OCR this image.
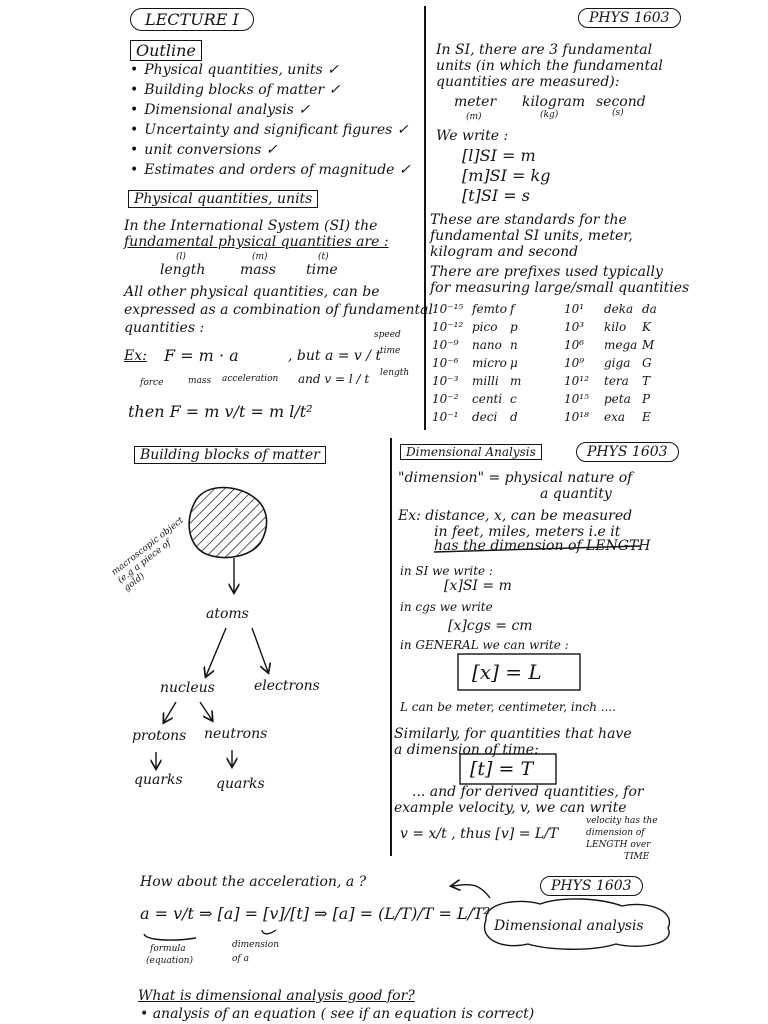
LECTURE I
Outline
• Physical quantities, units ✓
• Building blocks of matter ✓
• Dimensional analysis ✓
• Uncertainty and significant figures ✓
• unit conversions ✓
• Estimates and orders of magnitude ✓
Physical quantities, units
In the International System (SI) the
fundamental physical quantities are :
(l)	(m)	(t)
length mass time
All other physical quantities, can be
expressed as a combination of fundamental
quantities :
Ex: F = m · a	, but a = v / t
speed
time
length
force	mass acceleration and v = l / t
then F = m v/t = m l/t²
PHYS 1603
In SI, there are 3 fundamental
units (in which the fundamental
quantities are measured):
meter kilogram second
(m)	(kg)	(s)
We write :
[l]SI = m
[m]SI = kg
[t]SI = s
These are standards for the
fundamental SI units, meter,
kilogram and second
There are prefixes used typically
for measuring large/small quantities
10⁻¹⁵ femto f
10⁻¹² pico	p
10⁻⁹	nano n
10⁻⁶	micro μ
10⁻³	milli m
10⁻²	centi c
10⁻¹	deci	d
10¹	deka da
10³	kilo	K
10⁶	mega M
10⁹	giga G
10¹²	tera	T
10¹⁵	peta P
10¹⁸	exa	E
Building blocks of matter
macroscopic object (e.g a piece of gold)
atoms
nucleus	electrons
protons neutrons
quarks quarks
Dimensional Analysis	PHYS 1603
"dimension" = physical nature of
a quantity
Ex: distance, x, can be measured
in feet, miles, meters i.e it
has the dimension of LENGTH
in SI we write :
[x]SI = m
in cgs we write
[x]cgs = cm
in GENERAL we can write :
[x] = L
L can be meter, centimeter, inch ....
Similarly, for quantities that have
a dimension of time:
[t] = T
... and for derived quantities, for
example velocity, v, we can write
v = x/t , thus [v] = L/T
velocity has the
dimension of
LENGTH over
TIME
How about the acceleration, a ?
a = v/t ⇒ [a] = [v]/[t] ⇒ [a] = (L/T)/T = L/T²
formula
(equation)
dimension
of a
PHYS 1603
Dimensional analysis
What is dimensional analysis good for?
• analysis of an equation ( see if an equation is correct)
